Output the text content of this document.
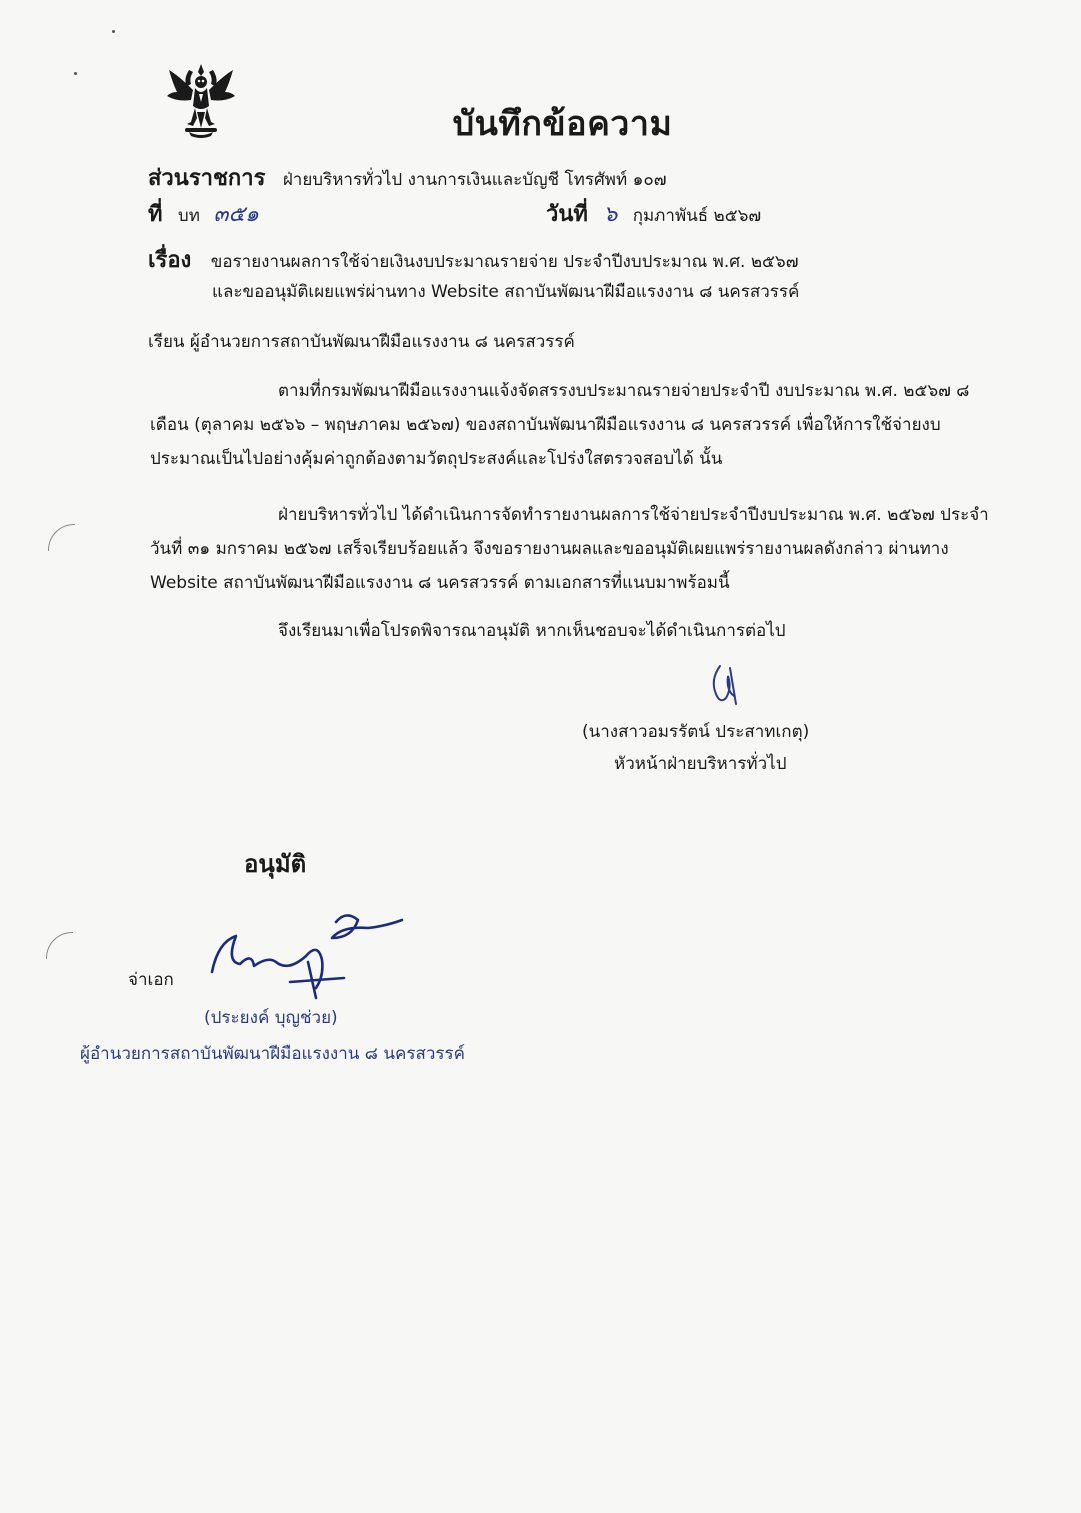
บันทึกข้อความ
ส่วนราชการ ฝ่ายบริหารทั่วไป งานการเงินและบัญชี โทรศัพท์ ๑๐๗
ที่ บท ๓๕๑	วันที่ ๖ กุมภาพันธ์ ๒๕๖๗
เรื่อง ขอรายงานผลการใช้จ่ายเงินงบประมาณรายจ่าย ประจำปีงบประมาณ พ.ศ. ๒๕๖๗
และขออนุมัติเผยแพร่ผ่านทาง Website สถาบันพัฒนาฝีมือแรงงาน ๘ นครสวรรค์
เรียน ผู้อำนวยการสถาบันพัฒนาฝีมือแรงงาน ๘ นครสวรรค์
ตามที่กรมพัฒนาฝีมือแรงงานแจ้งจัดสรรงบประมาณรายจ่ายประจำปี งบประมาณ พ.ศ. ๒๕๖๗ ๘ เดือน (ตุลาคม ๒๕๖๖ – พฤษภาคม ๒๕๖๗) ของสถาบันพัฒนาฝีมือแรงงาน ๘ นครสวรรค์ เพื่อให้การใช้จ่ายงบประมาณเป็นไปอย่างคุ้มค่าถูกต้องตามวัตถุประสงค์และโปร่งใสตรวจสอบได้ นั้น
ฝ่ายบริหารทั่วไป ได้ดำเนินการจัดทำรายงานผลการใช้จ่ายประจำปีงบประมาณ พ.ศ. ๒๕๖๗ ประจำวันที่ ๓๑ มกราคม ๒๕๖๗ เสร็จเรียบร้อยแล้ว จึงขอรายงานผลและขออนุมัติเผยแพร่รายงานผลดังกล่าว ผ่านทาง Website สถาบันพัฒนาฝีมือแรงงาน ๘ นครสวรรค์ ตามเอกสารที่แนบมาพร้อมนี้
จึงเรียนมาเพื่อโปรดพิจารณาอนุมัติ หากเห็นชอบจะได้ดำเนินการต่อไป
(นางสาวอมรรัตน์ ประสาทเกตุ)
หัวหน้าฝ่ายบริหารทั่วไป
อนุมัติ
จ่าเอก
(ประยงค์ บุญช่วย)
ผู้อำนวยการสถาบันพัฒนาฝีมือแรงงาน ๘ นครสวรรค์
